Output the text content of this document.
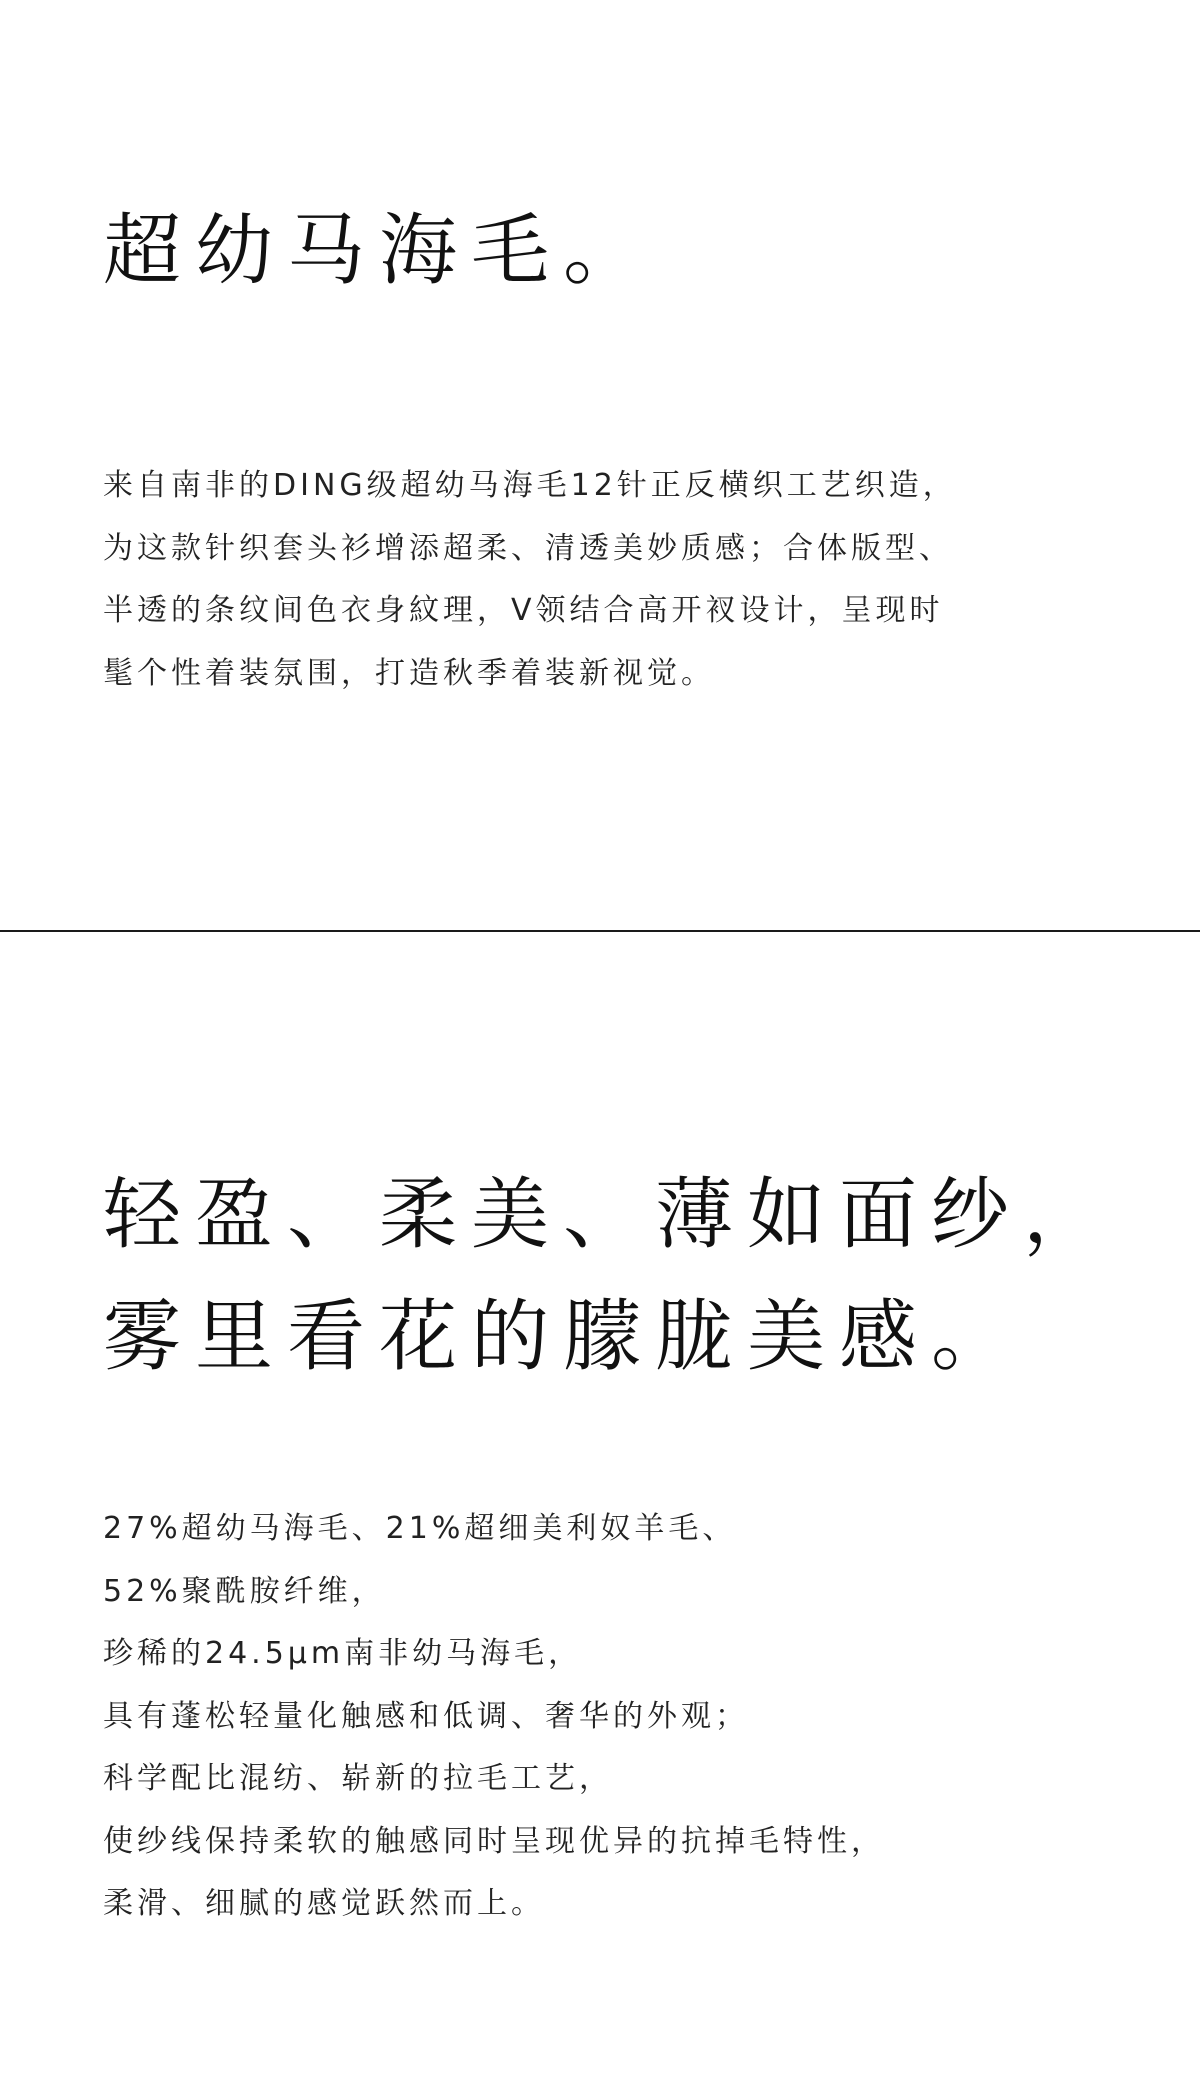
超幼马海毛。
来自南非的DING级超幼马海毛12针正反横织工艺织造，
为这款针织套头衫增添超柔、清透美妙质感；合体版型、
半透的条纹间色衣身紋理，V领结合高开衩设计，呈现时
髦个性着装氛围，打造秋季着装新视觉。
轻盈、柔美、薄如面纱，
雾里看花的朦胧美感。
27%超幼马海毛、21%超细美利奴羊毛、
52%聚酰胺纤维，
珍稀的24.5μm南非幼马海毛，
具有蓬松轻量化触感和低调、奢华的外观；
科学配比混纺、崭新的拉毛工艺，
使纱线保持柔软的触感同时呈现优异的抗掉毛特性，
柔滑、细腻的感觉跃然而上。
